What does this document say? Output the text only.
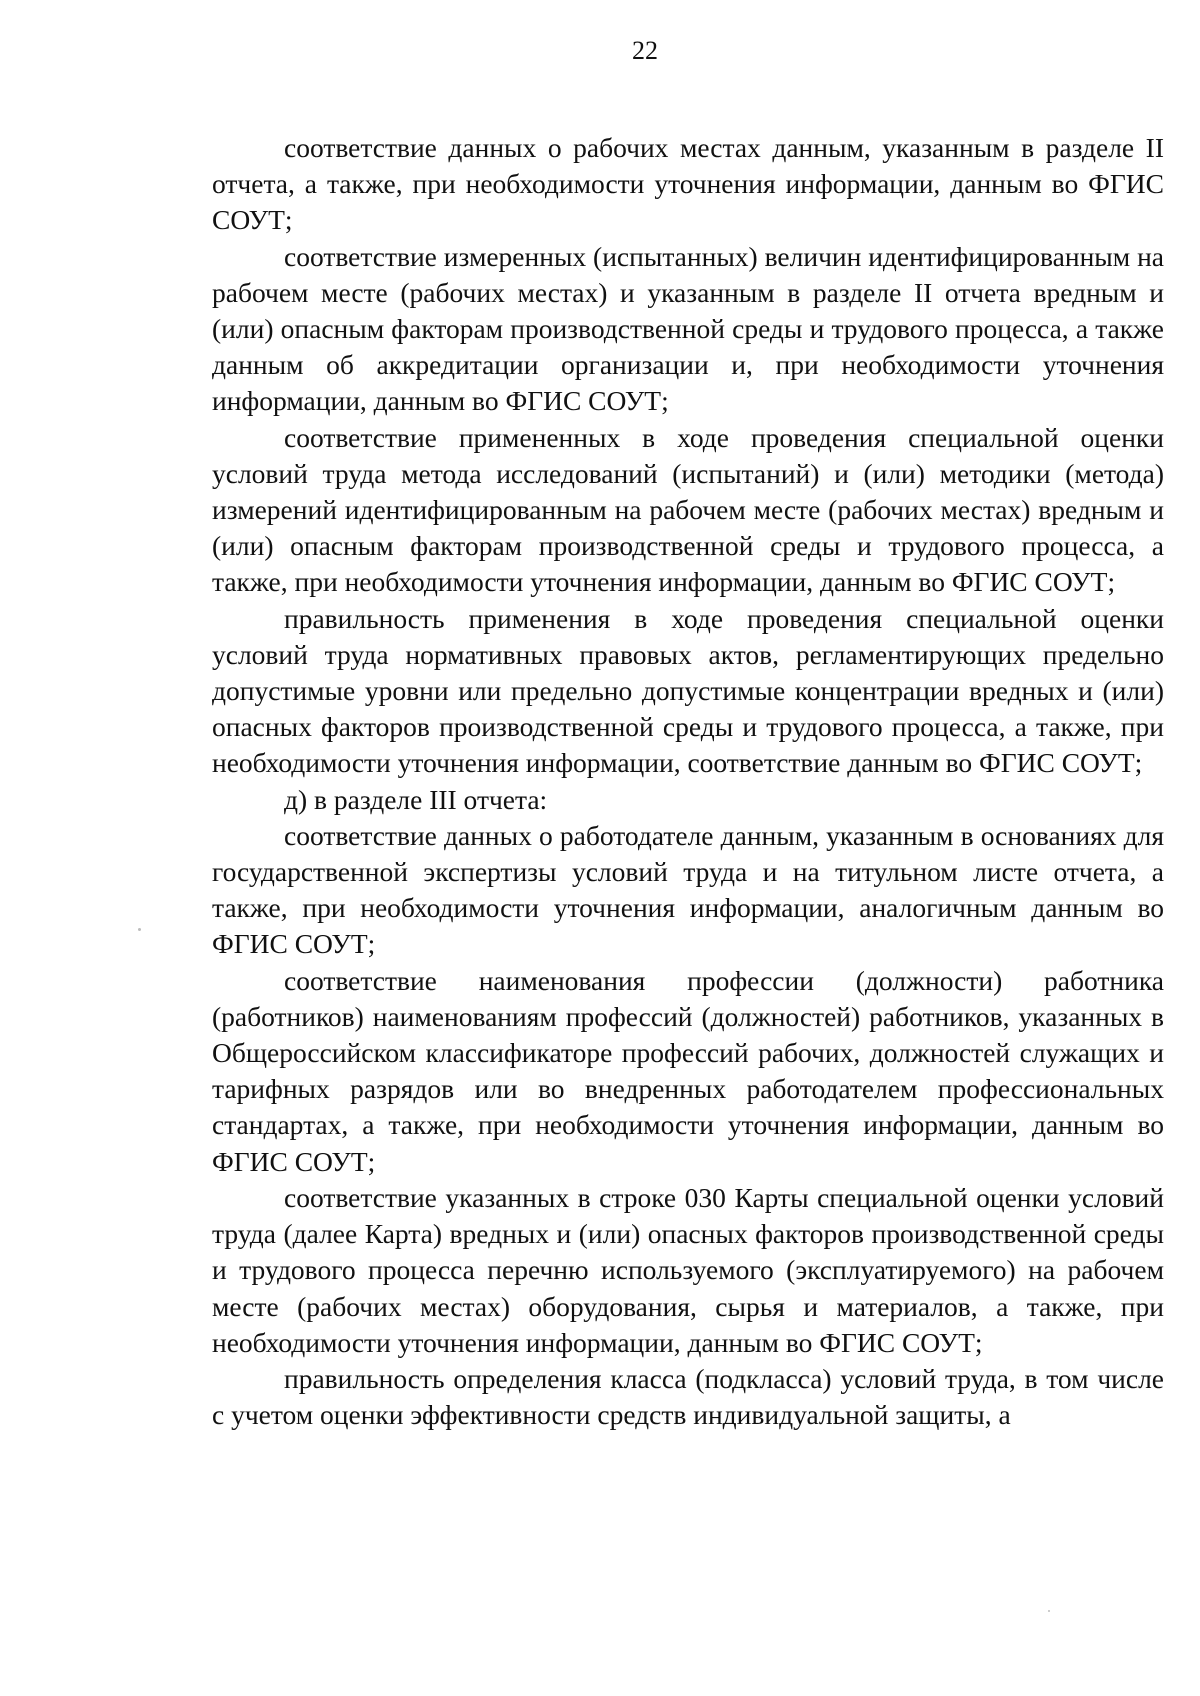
22

соответствие данных о рабочих местах данным, указанным в разделе II отчета, а также, при необходимости уточнения информации, данным во ФГИС СОУТ;

соответствие измеренных (испытанных) величин идентифицированным на рабочем месте (рабочих местах) и указанным в разделе II отчета вредным и (или) опасным факторам производственной среды и трудового процесса, а также данным об аккредитации организации и, при необходимости уточнения информации, данным во ФГИС СОУТ;

соответствие примененных в ходе проведения специальной оценки условий труда метода исследований (испытаний) и (или) методики (метода) измерений идентифицированным на рабочем месте (рабочих местах) вредным и (или) опасным факторам производственной среды и трудового процесса, а также, при необходимости уточнения информации, данным во ФГИС СОУТ;

правильность применения в ходе проведения специальной оценки условий труда нормативных правовых актов, регламентирующих предельно допустимые уровни или предельно допустимые концентрации вредных и (или) опасных факторов производственной среды и трудового процесса, а также, при необходимости уточнения информации, соответствие данным во ФГИС СОУТ;

д) в разделе III отчета:

соответствие данных о работодателе данным, указанным в основаниях для государственной экспертизы условий труда и на титульном листе отчета, а также, при необходимости уточнения информации, аналогичным данным во ФГИС СОУТ;

соответствие наименования профессии (должности) работника (работников) наименованиям профессий (должностей) работников, указанных в Общероссийском классификаторе профессий рабочих, должностей служащих и тарифных разрядов или во внедренных работодателем профессиональных стандартах, а также, при необходимости уточнения информации, данным во ФГИС СОУТ;

соответствие указанных в строке 030 Карты специальной оценки условий труда (далее Карта) вредных и (или) опасных факторов производственной среды и трудового процесса перечню используемого (эксплуатируемого) на рабочем месте (рабочих местах) оборудования, сырья и материалов, а также, при необходимости уточнения информации, данным во ФГИС СОУТ;

правильность определения класса (подкласса) условий труда, в том числе с учетом оценки эффективности средств индивидуальной защиты, а
